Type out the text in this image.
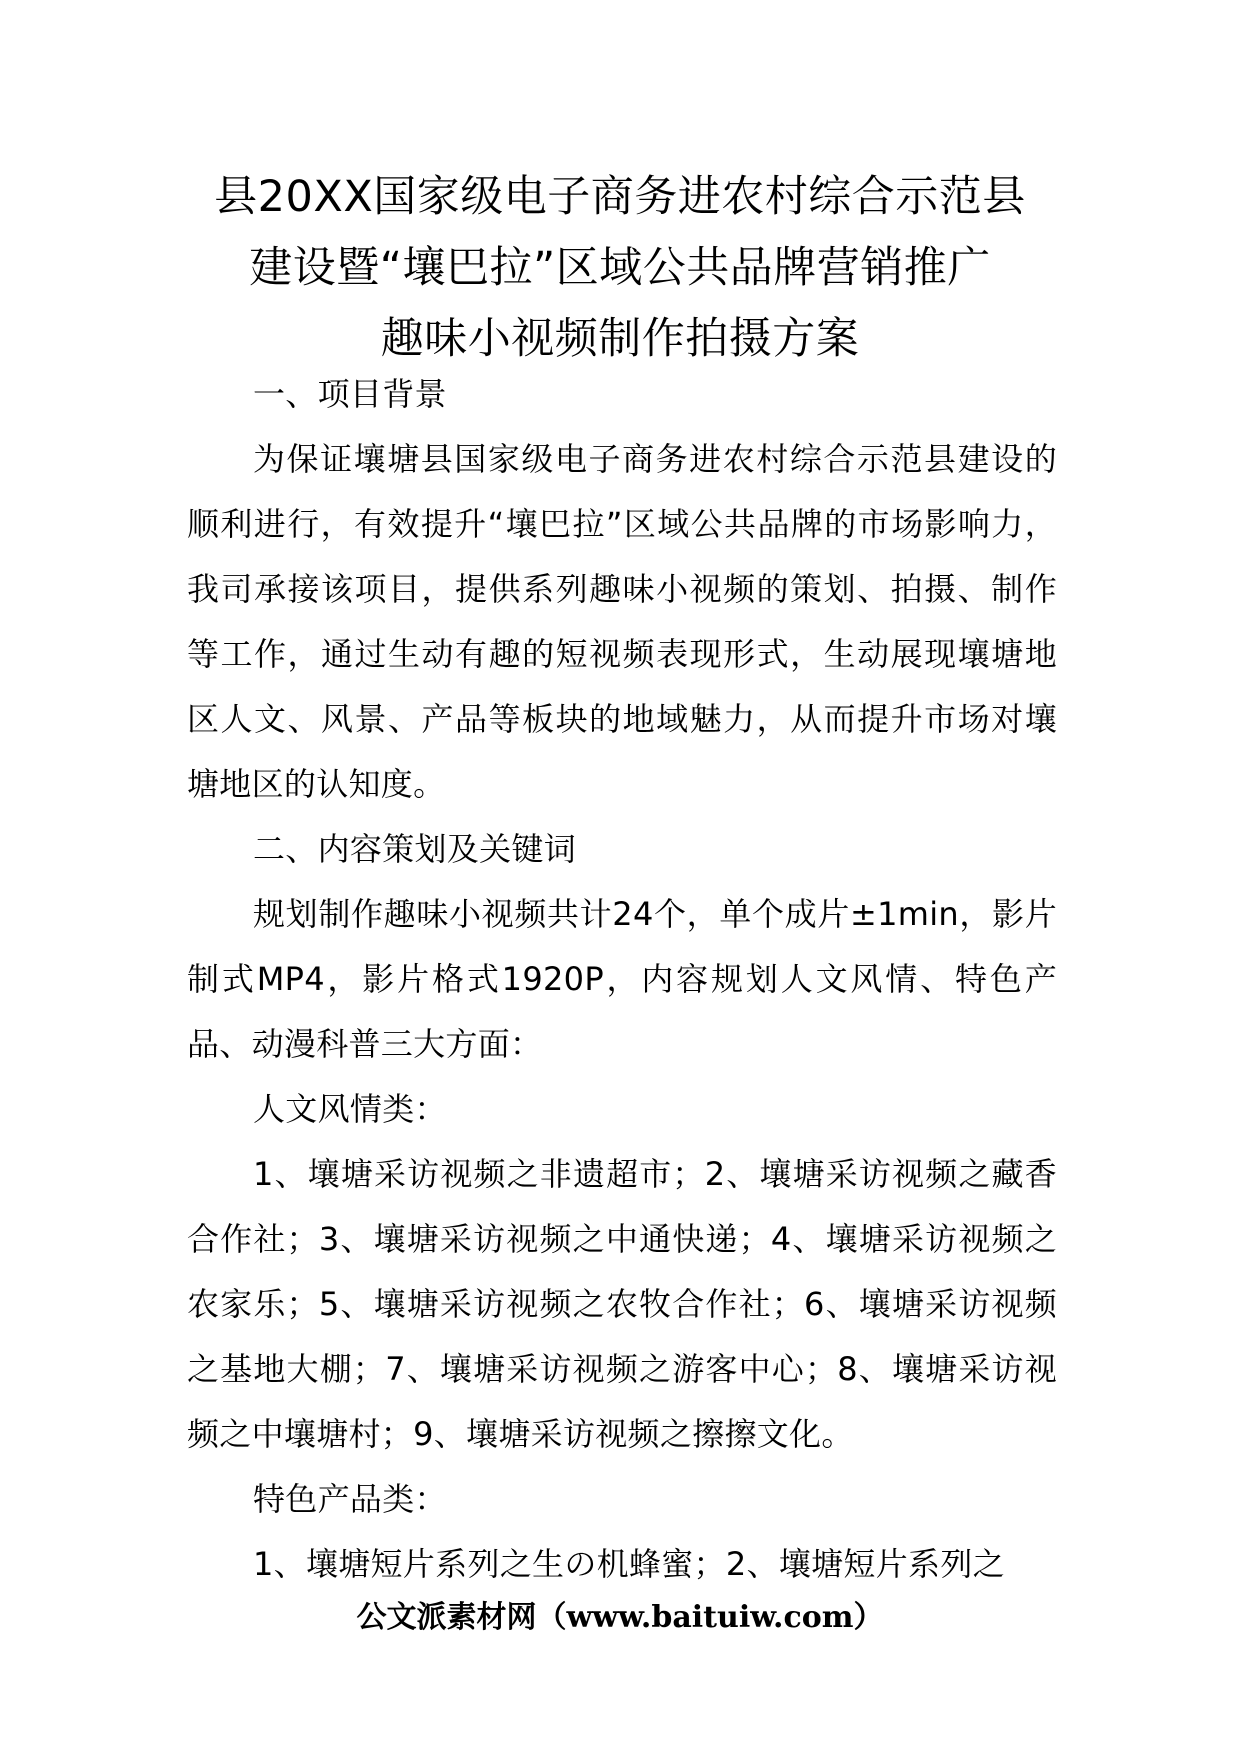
县20XX国家级电子商务进农村综合示范县
建设暨“壤巴拉”区域公共品牌营销推广
趣味小视频制作拍摄方案

一、项目背景

为保证壤塘县国家级电子商务进农村综合示范县建设的顺利进行，有效提升“壤巴拉”区域公共品牌的市场影响力，我司承接该项目，提供系列趣味小视频的策划、拍摄、制作等工作，通过生动有趣的短视频表现形式，生动展现壤塘地区人文、风景、产品等板块的地域魅力，从而提升市场对壤塘地区的认知度。

二、内容策划及关键词

规划制作趣味小视频共计24个，单个成片±1min，影片制式MP4，影片格式1920P，内容规划人文风情、特色产品、动漫科普三大方面：

人文风情类：

1、壤塘采访视频之非遗超市；2、壤塘采访视频之藏香合作社；3、壤塘采访视频之中通快递；4、壤塘采访视频之农家乐；5、壤塘采访视频之农牧合作社；6、壤塘采访视频之基地大棚；7、壤塘采访视频之游客中心；8、壤塘采访视频之中壤塘村；9、壤塘采访视频之擦擦文化。

特色产品类：

1、壤塘短片系列之生の机蜂蜜；2、壤塘短片系列之

公文派素材网（www.baituiw.com）
